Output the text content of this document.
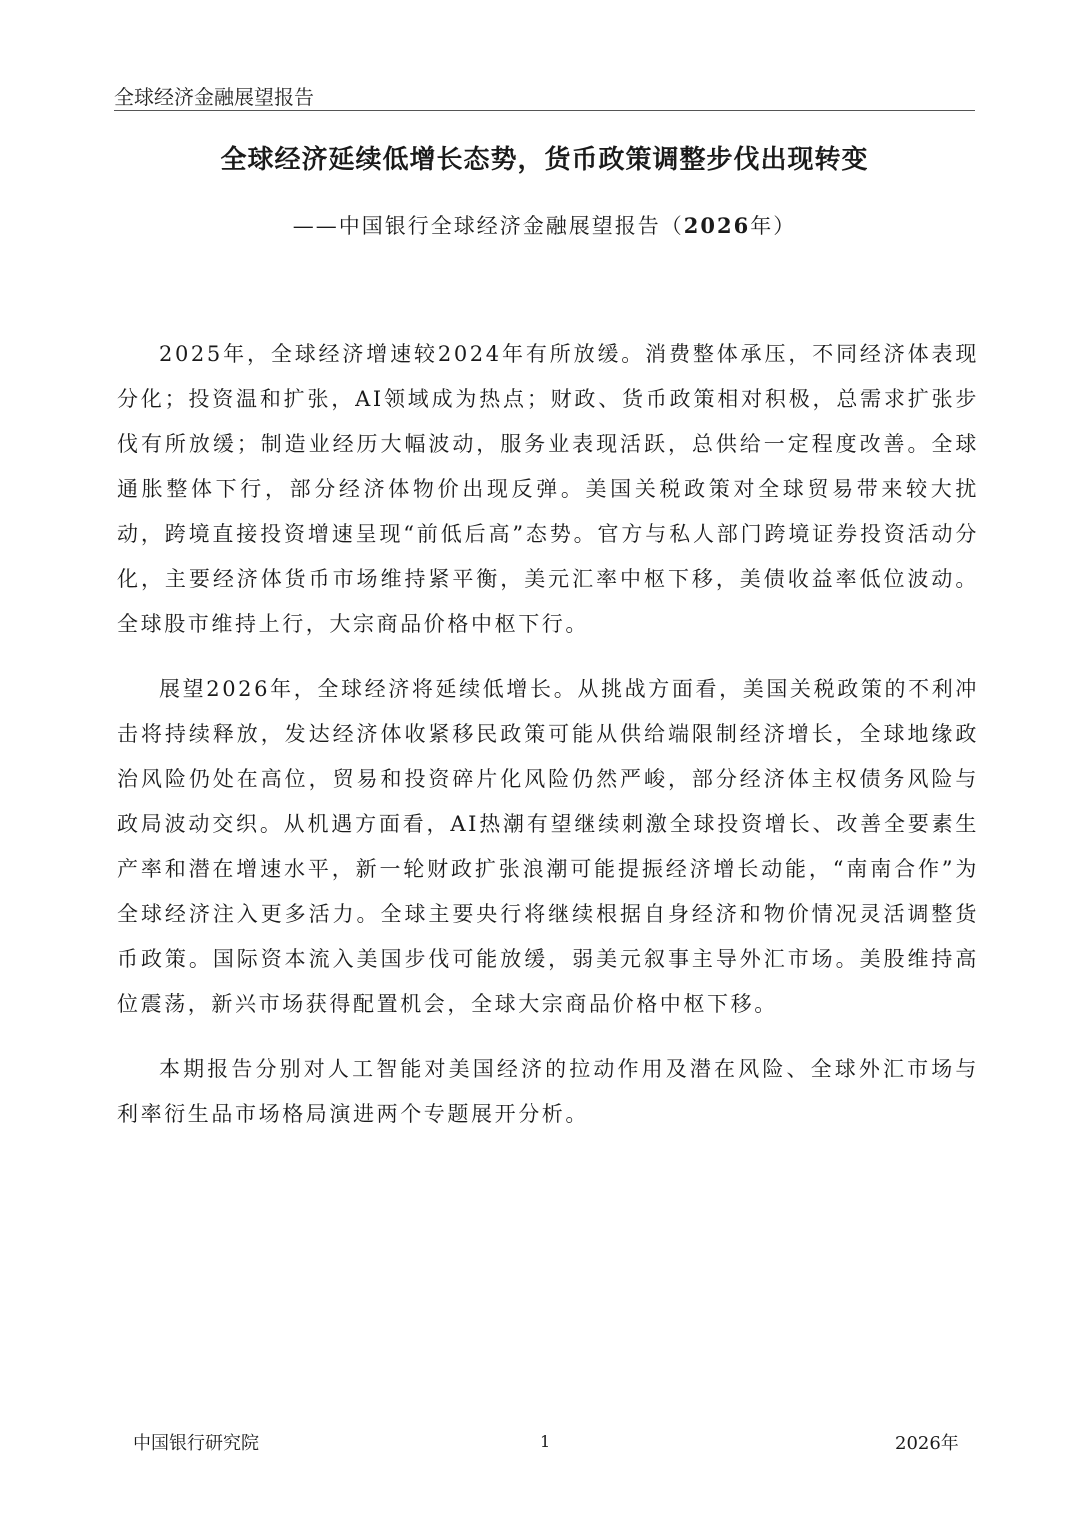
全球经济金融展望报告
全球经济延续低增长态势，货币政策调整步伐出现转变
——中国银行全球经济金融展望报告（2026年）

2025年，全球经济增速较2024年有所放缓。消费整体承压，不同经济体表现分化；投资温和扩张，AI领域成为热点；财政、货币政策相对积极，总需求扩张步伐有所放缓；制造业经历大幅波动，服务业表现活跃，总供给一定程度改善。全球通胀整体下行，部分经济体物价出现反弹。美国关税政策对全球贸易带来较大扰动，跨境直接投资增速呈现“前低后高”态势。官方与私人部门跨境证券投资活动分化，主要经济体货币市场维持紧平衡，美元汇率中枢下移，美债收益率低位波动。全球股市维持上行，大宗商品价格中枢下行。

展望2026年，全球经济将延续低增长。从挑战方面看，美国关税政策的不利冲击将持续释放，发达经济体收紧移民政策可能从供给端限制经济增长，全球地缘政治风险仍处在高位，贸易和投资碎片化风险仍然严峻，部分经济体主权债务风险与政局波动交织。从机遇方面看，AI热潮有望继续刺激全球投资增长、改善全要素生产率和潜在增速水平，新一轮财政扩张浪潮可能提振经济增长动能，“南南合作”为全球经济注入更多活力。全球主要央行将继续根据自身经济和物价情况灵活调整货币政策。国际资本流入美国步伐可能放缓，弱美元叙事主导外汇市场。美股维持高位震荡，新兴市场获得配置机会，全球大宗商品价格中枢下移。

本期报告分别对人工智能对美国经济的拉动作用及潜在风险、全球外汇市场与利率衍生品市场格局演进两个专题展开分析。

中国银行研究院	1	2026年
